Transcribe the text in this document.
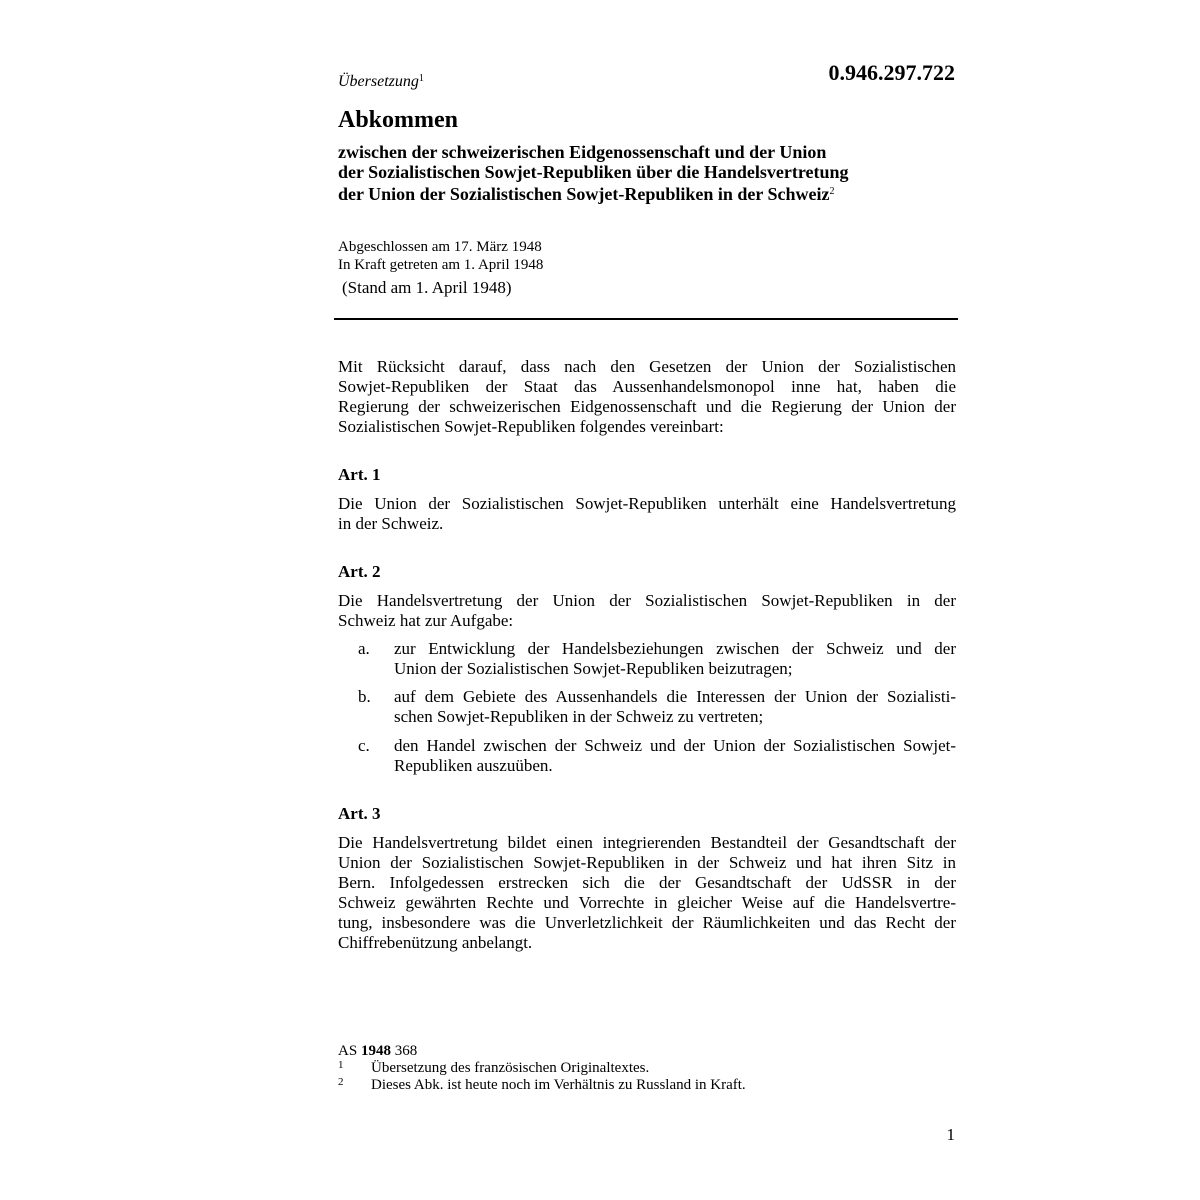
Übersetzung$^1$	0.946.297.722
Abkommen
zwischen der schweizerischen Eidgenossenschaft und der Union
der Sozialistischen Sowjet-Republiken über die Handelsvertretung
der Union der Sozialistischen Sowjet-Republiken in der Schweiz$^2$
Abgeschlossen am 17. März 1948
In Kraft getreten am 1. April 1948
(Stand am 1. April 1948)
Mit Rücksicht darauf, dass nach den Gesetzen der Union der Sozialistischen
Sowjet-Republiken der Staat das Aussenhandelsmonopol inne hat, haben die
Regierung der schweizerischen Eidgenossenschaft und die Regierung der Union der
Sozialistischen Sowjet-Republiken folgendes vereinbart:
Art. 1
Die Union der Sozialistischen Sowjet-Republiken unterhält eine Handelsvertretung
in der Schweiz.
Art. 2
Die Handelsvertretung der Union der Sozialistischen Sowjet-Republiken in der
Schweiz hat zur Aufgabe:
a. zur Entwicklung der Handelsbeziehungen zwischen der Schweiz und der
Union der Sozialistischen Sowjet-Republiken beizutragen;
b. auf dem Gebiete des Aussenhandels die Interessen der Union der Sozialisti-
schen Sowjet-Republiken in der Schweiz zu vertreten;
c. den Handel zwischen der Schweiz und der Union der Sozialistischen Sowjet-
Republiken auszuüben.
Art. 3
Die Handelsvertretung bildet einen integrierenden Bestandteil der Gesandtschaft der
Union der Sozialistischen Sowjet-Republiken in der Schweiz und hat ihren Sitz in
Bern. Infolgedessen erstrecken sich die der Gesandtschaft der UdSSR in der
Schweiz gewährten Rechte und Vorrechte in gleicher Weise auf die Handelsvertre-
tung, insbesondere was die Unverletzlichkeit der Räumlichkeiten und das Recht der
Chiffrebenützung anbelangt.
AS 1948 368
1 Übersetzung des französischen Originaltextes.
2 Dieses Abk. ist heute noch im Verhältnis zu Russland in Kraft.
1
